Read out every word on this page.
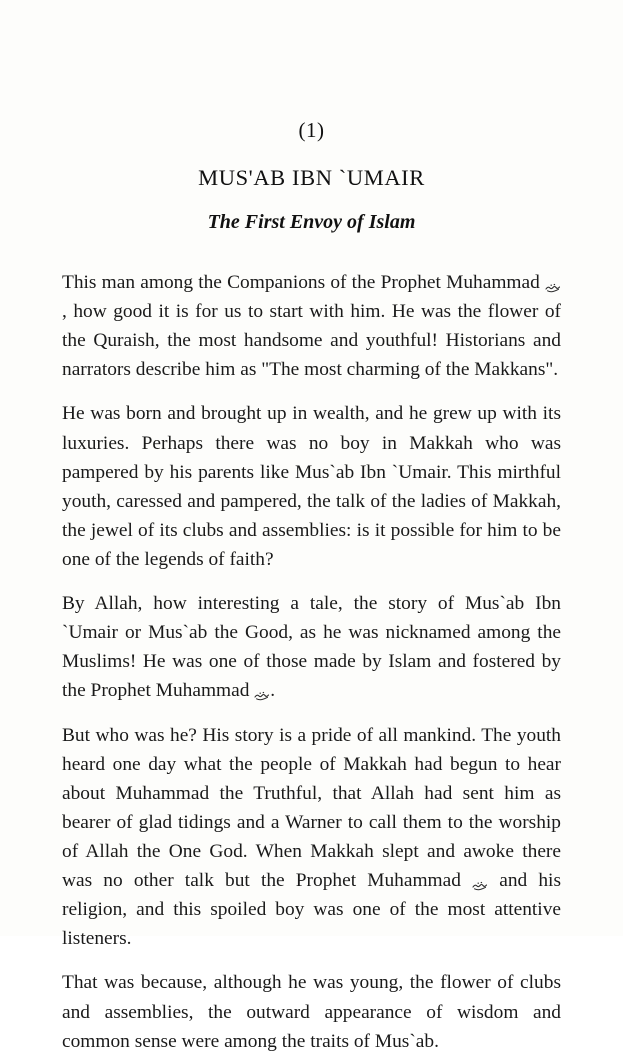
(1)
MUS'AB IBN `UMAIR
The First Envoy of Islam

This man among the Companions of the Prophet Muhammad , how good it is for us to start with him. He was the flower of the Quraish, the most handsome and youthful! Historians and narrators describe him as "The most charming of the Makkans".

He was born and brought up in wealth, and he grew up with its luxuries. Perhaps there was no boy in Makkah who was pampered by his parents like Mus`ab Ibn `Umair. This mirthful youth, caressed and pampered, the talk of the ladies of Makkah, the jewel of its clubs and assemblies: is it possible for him to be one of the legends of faith?

By Allah, how interesting a tale, the story of Mus`ab Ibn `Umair or Mus`ab the Good, as he was nicknamed among the Muslims! He was one of those made by Islam and fostered by the Prophet Muhammad .

But who was he? His story is a pride of all mankind. The youth heard one day what the people of Makkah had begun to hear about Muhammad the Truthful, that Allah had sent him as bearer of glad tidings and a Warner to call them to the worship of Allah the One God. When Makkah slept and awoke there was no other talk but the Prophet Muhammad  and his religion, and this spoiled boy was one of the most attentive listeners.

That was because, although he was young, the flower of clubs and assemblies, the outward appearance of wisdom and common sense were among the traits of Mus`ab.
